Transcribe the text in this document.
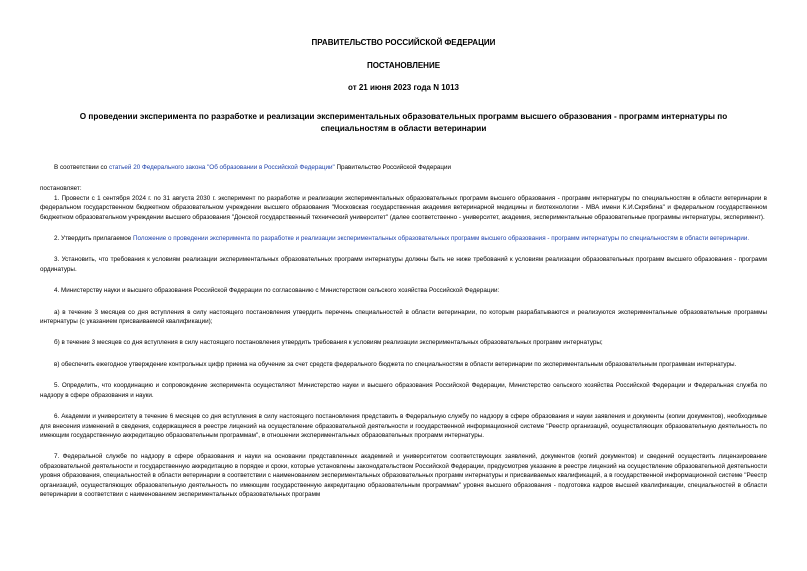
ПРАВИТЕЛЬСТВО РОССИЙСКОЙ ФЕДЕРАЦИИ
ПОСТАНОВЛЕНИЕ
от 21 июня 2023 года N 1013
О проведении эксперимента по разработке и реализации экспериментальных образовательных программ высшего образования - программ интернатуры по специальностям в области ветеринарии

В соответствии со статьей 20 Федерального закона "Об образовании в Российской Федерации" Правительство Российской Федерации

постановляет:

1. Провести с 1 сентября 2024 г. по 31 августа 2030 г. эксперимент по разработке и реализации экспериментальных образовательных программ высшего образования - программ интернатуры по специальностям в области ветеринарии в федеральном государственном бюджетном образовательном учреждении высшего образования "Московская государственная академия ветеринарной медицины и биотехнологии - МВА имени К.И.Скрябина" и федеральном государственном бюджетном образовательном учреждении высшего образования "Донской государственный технический университет" (далее соответственно - университет, академия, экспериментальные образовательные программы интернатуры, эксперимент).

2. Утвердить прилагаемое Положение о проведении эксперимента по разработке и реализации экспериментальных образовательных программ высшего образования - программ интернатуры по специальностям в области ветеринарии.

3. Установить, что требования к условиям реализации экспериментальных образовательных программ интернатуры должны быть не ниже требований к условиям реализации образовательных программ высшего образования - программ ординатуры.

4. Министерству науки и высшего образования Российской Федерации по согласованию с Министерством сельского хозяйства Российской Федерации:

а) в течение 3 месяцев со дня вступления в силу настоящего постановления утвердить перечень специальностей в области ветеринарии, по которым разрабатываются и реализуются экспериментальные образовательные программы интернатуры (с указанием присваиваемой квалификации);

б) в течение 3 месяцев со дня вступления в силу настоящего постановления утвердить требования к условиям реализации экспериментальных образовательных программ интернатуры;

в) обеспечить ежегодное утверждение контрольных цифр приема на обучение за счет средств федерального бюджета по специальностям в области ветеринарии по экспериментальным образовательным программам интернатуры.

5. Определить, что координацию и сопровождение эксперимента осуществляют Министерство науки и высшего образования Российской Федерации, Министерство сельского хозяйства Российской Федерации и Федеральная служба по надзору в сфере образования и науки.

6. Академии и университету в течение 6 месяцев со дня вступления в силу настоящего постановления представить в Федеральную службу по надзору в сфере образования и науки заявления и документы (копии документов), необходимые для внесения изменений в сведения, содержащиеся в реестре лицензий на осуществление образовательной деятельности и государственной информационной системе "Реестр организаций, осуществляющих образовательную деятельность по имеющим государственную аккредитацию образовательным программам", в отношении экспериментальных образовательных программ интернатуры.

7. Федеральной службе по надзору в сфере образования и науки на основании представленных академией и университетом соответствующих заявлений, документов (копий документов) и сведений осуществить лицензирование образовательной деятельности и государственную аккредитацию в порядке и сроки, которые установлены законодательством Российской Федерации, предусмотрев указание в реестре лицензий на осуществление образовательной деятельности уровня образования, специальностей в области ветеринарии в соответствии с наименованием экспериментальных образовательных программ интернатуры и присваиваемых квалификаций, а в государственной информационной системе "Реестр организаций, осуществляющих образовательную деятельность по имеющим государственную аккредитацию образовательным программам" уровня высшего образования - подготовка кадров высшей квалификации, специальностей в области ветеринарии в соответствии с наименованием экспериментальных образовательных программ
